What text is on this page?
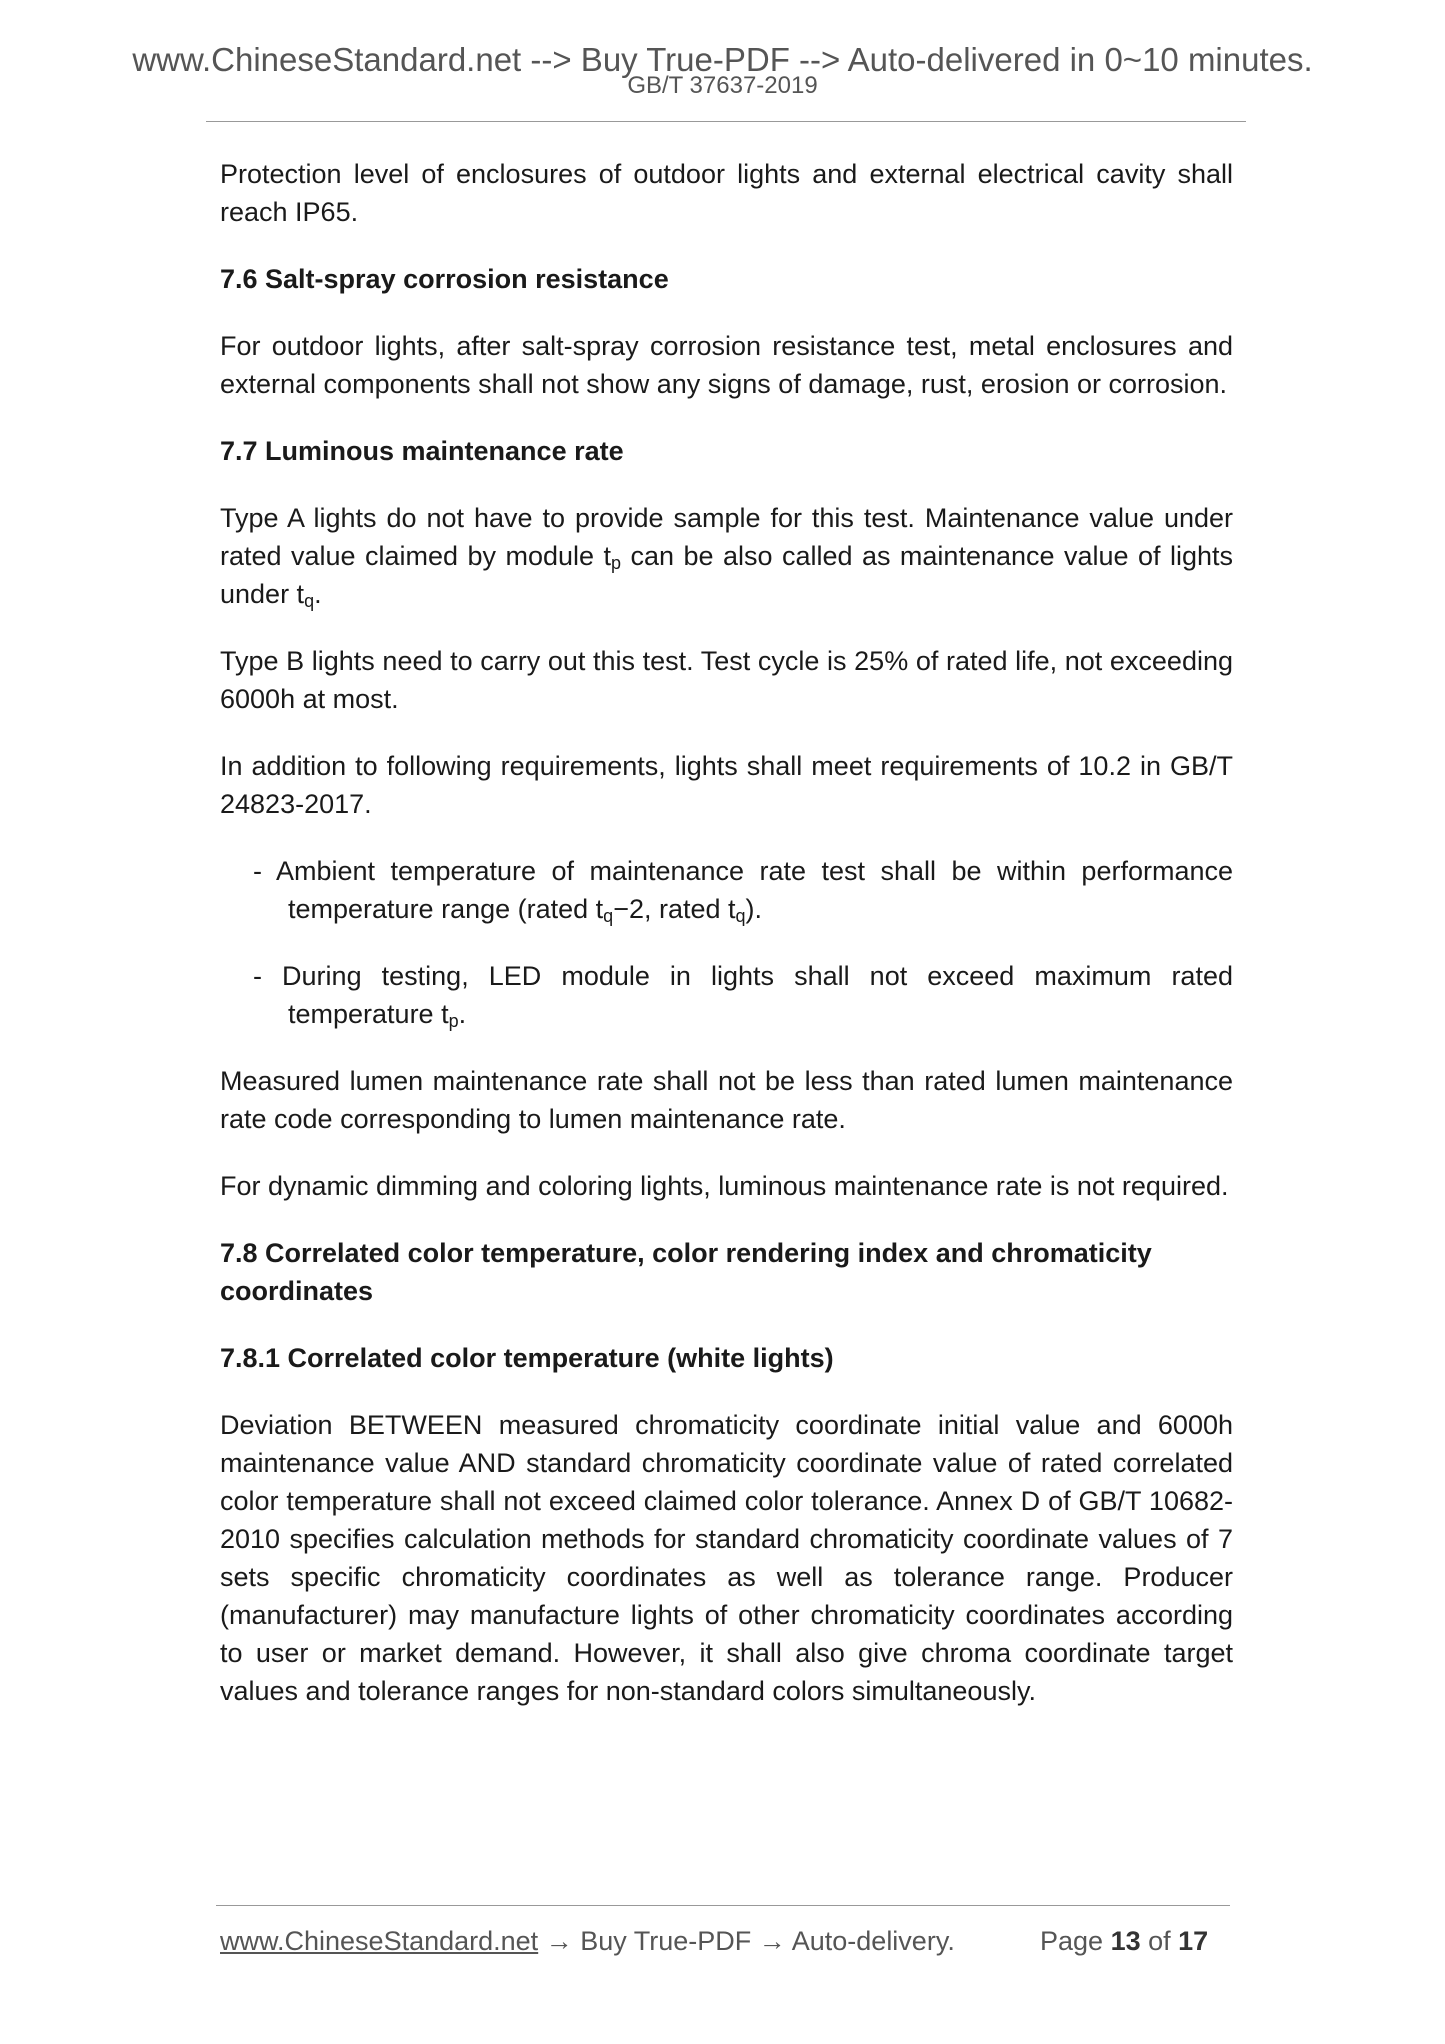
www.ChineseStandard.net --> Buy True-PDF --> Auto-delivered in 0~10 minutes.
GB/T 37637-2019

Protection level of enclosures of outdoor lights and external electrical cavity shall reach IP65.

7.6 Salt-spray corrosion resistance

For outdoor lights, after salt-spray corrosion resistance test, metal enclosures and external components shall not show any signs of damage, rust, erosion or corrosion.

7.7 Luminous maintenance rate

Type A lights do not have to provide sample for this test. Maintenance value under rated value claimed by module $t_p$ can be also called as maintenance value of lights under $t_q$.

Type B lights need to carry out this test. Test cycle is 25% of rated life, not exceeding 6000h at most.

In addition to following requirements, lights shall meet requirements of 10.2 in GB/T 24823-2017.

- Ambient temperature of maintenance rate test shall be within performance temperature range (rated $t_q-2$, rated $t_q$).
- During testing, LED module in lights shall not exceed maximum rated temperature $t_p$.

Measured lumen maintenance rate shall not be less than rated lumen maintenance rate code corresponding to lumen maintenance rate.

For dynamic dimming and coloring lights, luminous maintenance rate is not required.

7.8 Correlated color temperature, color rendering index and chromaticity coordinates
7.8.1 Correlated color temperature (white lights)

Deviation BETWEEN measured chromaticity coordinate initial value and 6000h maintenance value AND standard chromaticity coordinate value of rated correlated color temperature shall not exceed claimed color tolerance. Annex D of GB/T 10682-2010 specifies calculation methods for standard chromaticity coordinate values of 7 sets specific chromaticity coordinates as well as tolerance range. Producer (manufacturer) may manufacture lights of other chromaticity coordinates according to user or market demand. However, it shall also give chroma coordinate target values and tolerance ranges for non-standard colors simultaneously.

www.ChineseStandard.net → Buy True-PDF → Auto-delivery.	Page 13 of 17
